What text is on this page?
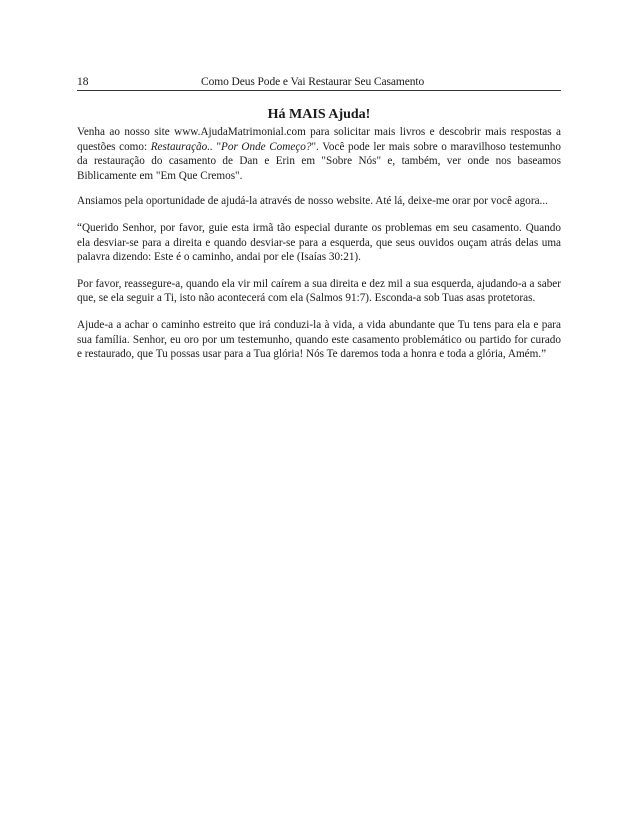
18	Como Deus Pode e Vai Restaurar Seu Casamento
Há MAIS Ajuda!

Venha ao nosso site www.AjudaMatrimonial.com para solicitar mais livros e descobrir mais respostas a questões como: Restauração.. "Por Onde Começo?". Você pode ler mais sobre o maravilhoso testemunho da restauração do casamento de Dan e Erin em "Sobre Nós" e, também, ver onde nos baseamos Biblicamente em "Em Que Cremos".

Ansiamos pela oportunidade de ajudá-la através de nosso website. Até lá, deixe-me orar por você agora...

“Querido Senhor, por favor, guie esta irmã tão especial durante os problemas em seu casamento. Quando ela desviar-se para a direita e quando desviar-se para a esquerda, que seus ouvidos ouçam atrás delas uma palavra dizendo: Este é o caminho, andai por ele (Isaías 30:21).

Por favor, reassegure-a, quando ela vir mil caírem a sua direita e dez mil a sua esquerda, ajudando-a a saber que, se ela seguir a Ti, isto não acontecerá com ela (Salmos 91:7). Esconda-a sob Tuas asas protetoras.

Ajude-a a achar o caminho estreito que irá conduzi-la à vida, a vida abundante que Tu tens para ela e para sua família. Senhor, eu oro por um testemunho, quando este casamento problemático ou partido for curado e restaurado, que Tu possas usar para a Tua glória! Nós Te daremos toda a honra e toda a glória, Amém.”
